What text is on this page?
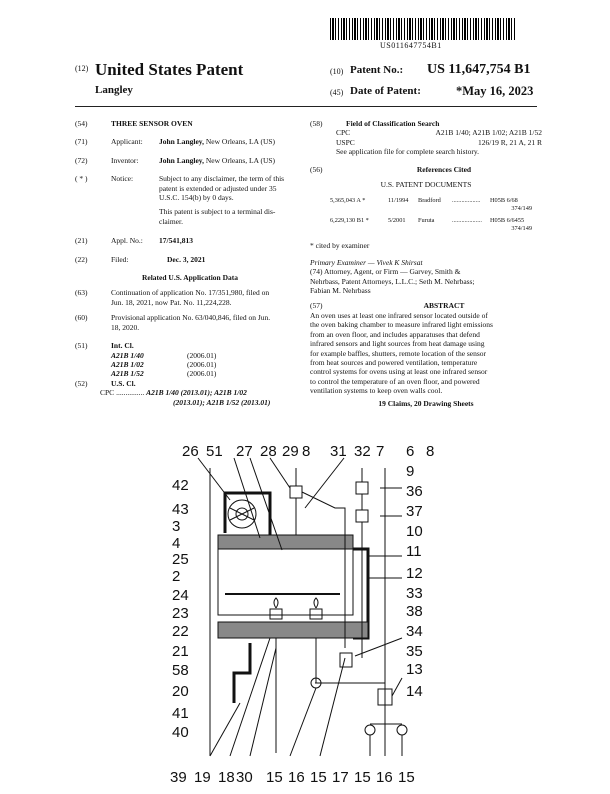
US011647754B1
(12) United States Patent
Langley
(10) Patent No.: US 11,647,754 B1
(45) Date of Patent:	*May 16, 2023
(54)	THREE SENSOR OVEN
(71)	Applicant:	John Langley, New Orleans, LA (US)
(72)	Inventor:	John Langley, New Orleans, LA (US)
( * )	Notice:	Subject to any disclaimer, the term of this
patent is extended or adjusted under 35
U.S.C. 154(b) by 0 days.
This patent is subject to a terminal dis-
claimer.
(21)	Appl. No.:	17/541,813
(22)	Filed:	Dec. 3, 2021
Related U.S. Application Data
(63)	Continuation of application No. 17/351,980, filed on
Jun. 18, 2021, now Pat. No. 11,224,228.
(60)	Provisional application No. 63/040,846, filed on Jun.
18, 2020.
(51)	Int. Cl.
A21B 1/40	(2006.01)
A21B 1/02	(2006.01)
A21B 1/52	(2006.01)
(52)	U.S. Cl.
CPC ............... A21B 1/40 (2013.01); A21B 1/02
(2013.01); A21B 1/52 (2013.01)
(58)	Field of Classification Search
CPC	A21B 1/40; A21B 1/02; A21B 1/52
USPC	126/19 R, 21 A, 21 R
See application file for complete search history.
(56)	References Cited
U.S. PATENT DOCUMENTS
5,365,043 A *	11/1994 Bradford .................. H05B 6/68
374/149
6,229,130 B1 *	5/2001 Furuta	................... H05B 6/6455
374/149
* cited by examiner
Primary Examiner — Vivek K Shirsat
(74) Attorney, Agent, or Firm — Garvey, Smith &
Nehrbass, Patent Attorneys, L.L.C.; Seth M. Nehrbass;
Fabian M. Nehrbass
(57)	ABSTRACT
An oven uses at least one infrared sensor located outside of
the oven baking chamber to measure infrared light emissions
from an oven floor, and includes apparatuses that defend
infrared sensors and light sources from heat damage using
for example baffles, shutters, remote location of the sensor
from heat sources and powered ventilation, temperature
control systems for ovens using at least one infrared sensor
to control the temperature of an oven floor, and powered
ventilation systems to keep oven walls cool.
19 Claims, 20 Drawing Sheets
26 51 27 28 29 8 31 32 7 6 8
42
43
3
4
25
2
24
23
22
21
58
20
41
40
9
36
37
10
11
12
33
38
34
35
13
14
39 19 18 30 15 16 15 17 15 16 15
